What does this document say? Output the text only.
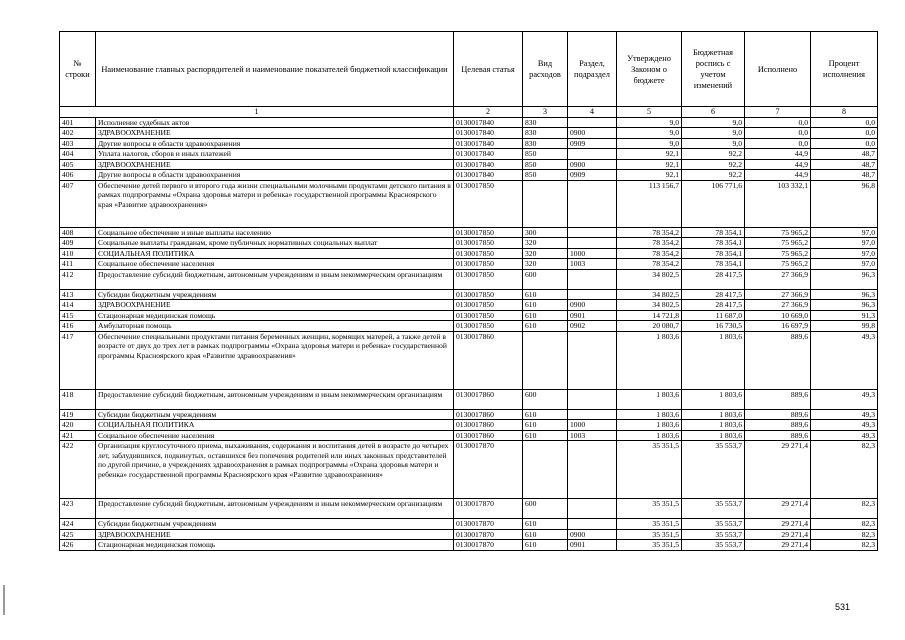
№ строки	Наименование главных распорядителей и наименование показателей бюджетной классификации	Целевая статья	Вид расходов	Раздел, подраздел	Утверждено Законом о бюджете	Бюджетная роспись с учетом изменений	Исполнено	Процент исполнения
1		2	3	4	5	6	7	8
401	Исполнение судебных актов	0130017840	830		9,0	9,0	0,0	0,0
402	ЗДРАВООХРАНЕНИЕ	0130017840	830	0900	9,0	9,0	0,0	0,0
403	Другие вопросы в области здравоохранения	0130017840	830	0909	9,0	9,0	0,0	0,0
404	Уплата налогов, сборов и иных платежей	0130017840	850		92,1	92,2	44,9	48,7
405	ЗДРАВООХРАНЕНИЕ	0130017840	850	0900	92,1	92,2	44,9	48,7
406	Другие вопросы в области здравоохранения	0130017840	850	0909	92,1	92,2	44,9	48,7
407	Обеспечение детей первого и второго года жизни специальными молочными продуктами детского питания в рамках подпрограммы «Охрана здоровья матери и ребенка» государственной программы Красноярского края «Развитие здравоохранения»	0130017850			113 156,7	106 771,6	103 332,1	96,8
408	Социальное обеспечение и иные выплаты населению	0130017850	300		78 354,2	78 354,1	75 965,2	97,0
409	Социальные выплаты гражданам, кроме публичных нормативных социальных выплат	0130017850	320		78 354,2	78 354,1	75 965,2	97,0
410	СОЦИАЛЬНАЯ ПОЛИТИКА	0130017850	320	1000	78 354,2	78 354,1	75 965,2	97,0
411	Социальное обеспечение населения	0130017850	320	1003	78 354,2	78 354,1	75 965,2	97,0
412	Предоставление субсидий бюджетным, автономным учреждениям и иным некоммерческим организациям	0130017850	600		34 802,5	28 417,5	27 366,9	96,3
413	Субсидии бюджетным учреждениям	0130017850	610		34 802,5	28 417,5	27 366,9	96,3
414	ЗДРАВООХРАНЕНИЕ	0130017850	610	0900	34 802,5	28 417,5	27 366,9	96,3
415	Стационарная медицинская помощь	0130017850	610	0901	14 721,8	11 687,0	10 669,0	91,3
416	Амбулаторная помощь	0130017850	610	0902	20 080,7	16 730,5	16 697,9	99,8
417	Обеспечение специальными продуктами питания беременных женщин, кормящих матерей, а также детей в возрасте от двух до трех лет в рамках подпрограммы «Охрана здоровья матери и ребенка» государственной программы Красноярского края «Развитие здравоохранения»	0130017860			1 803,6	1 803,6	889,6	49,3
418	Предоставление субсидий бюджетным, автономным учреждениям и иным некоммерческим организациям	0130017860	600		1 803,6	1 803,6	889,6	49,3
419	Субсидии бюджетным учреждениям	0130017860	610		1 803,6	1 803,6	889,6	49,3
420	СОЦИАЛЬНАЯ ПОЛИТИКА	0130017860	610	1000	1 803,6	1 803,6	889,6	49,3
421	Социальное обеспечение населения	0130017860	610	1003	1 803,6	1 803,6	889,6	49,3
422	Организация круглосуточного приема, выхаживания, содержания и воспитания детей в возрасте до четырех лет, заблудившихся, подкинутых, оставшихся без попечения родителей или иных законных представителей по другой причине, в учреждениях здравоохранения в рамках подпрограммы «Охрана здоровья матери и ребенка» государственной программы Красноярского края «Развитие здравоохранения»	0130017870			35 351,5	35 553,7	29 271,4	82,3
423	Предоставление субсидий бюджетным, автономным учреждениям и иным некоммерческим организациям	0130017870	600		35 351,5	35 553,7	29 271,4	82,3
424	Субсидии бюджетным учреждениям	0130017870	610		35 351,5	35 553,7	29 271,4	82,3
425	ЗДРАВООХРАНЕНИЕ	0130017870	610	0900	35 351,5	35 553,7	29 271,4	82,3
426	Стационарная медицинская помощь	0130017870	610	0901	35 351,5	35 553,7	29 271,4	82,3
531
